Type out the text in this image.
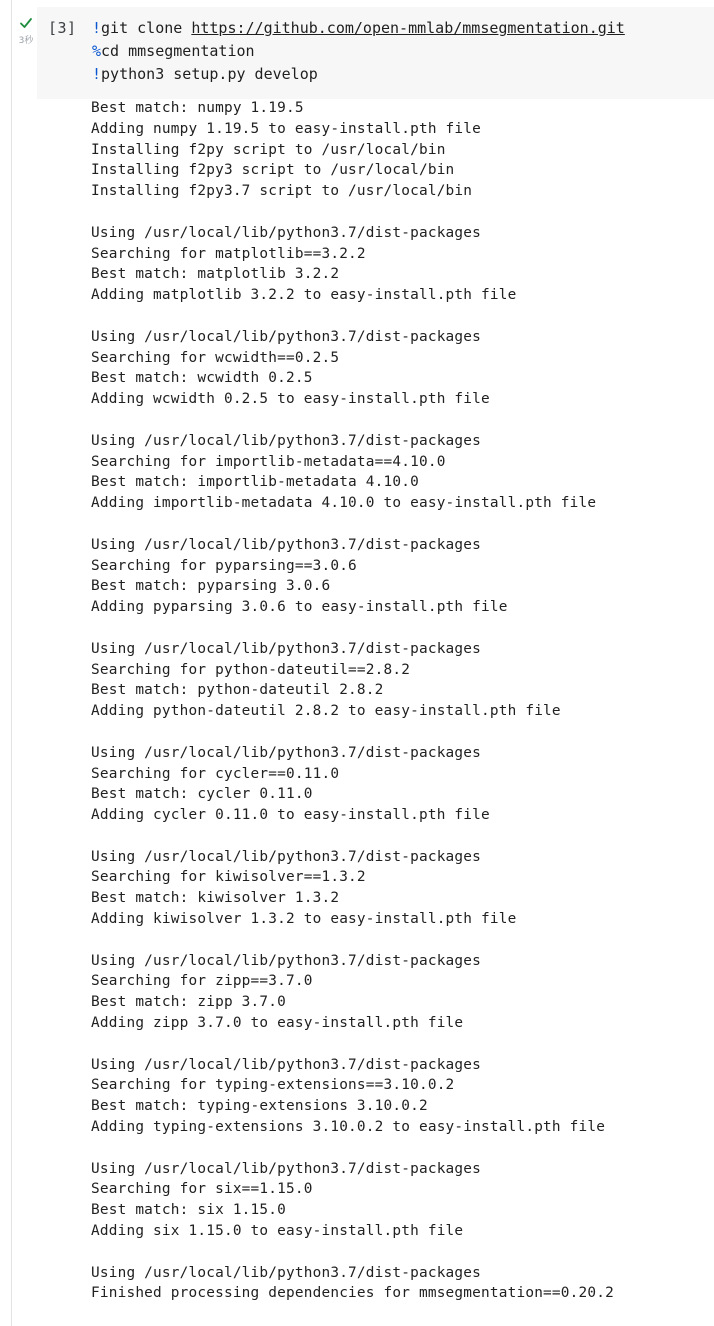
3秒
[3] !git clone https://github.com/open-mmlab/mmsegmentation.git
%cd mmsegmentation
!python3 setup.py develop
Best match: numpy 1.19.5
Adding numpy 1.19.5 to easy-install.pth file
Installing f2py script to /usr/local/bin
Installing f2py3 script to /usr/local/bin
Installing f2py3.7 script to /usr/local/bin
Using /usr/local/lib/python3.7/dist-packages
Searching for matplotlib==3.2.2
Best match: matplotlib 3.2.2
Adding matplotlib 3.2.2 to easy-install.pth file
Using /usr/local/lib/python3.7/dist-packages
Searching for wcwidth==0.2.5
Best match: wcwidth 0.2.5
Adding wcwidth 0.2.5 to easy-install.pth file
Using /usr/local/lib/python3.7/dist-packages
Searching for importlib-metadata==4.10.0
Best match: importlib-metadata 4.10.0
Adding importlib-metadata 4.10.0 to easy-install.pth file
Using /usr/local/lib/python3.7/dist-packages
Searching for pyparsing==3.0.6
Best match: pyparsing 3.0.6
Adding pyparsing 3.0.6 to easy-install.pth file
Using /usr/local/lib/python3.7/dist-packages
Searching for python-dateutil==2.8.2
Best match: python-dateutil 2.8.2
Adding python-dateutil 2.8.2 to easy-install.pth file
Using /usr/local/lib/python3.7/dist-packages
Searching for cycler==0.11.0
Best match: cycler 0.11.0
Adding cycler 0.11.0 to easy-install.pth file
Using /usr/local/lib/python3.7/dist-packages
Searching for kiwisolver==1.3.2
Best match: kiwisolver 1.3.2
Adding kiwisolver 1.3.2 to easy-install.pth file
Using /usr/local/lib/python3.7/dist-packages
Searching for zipp==3.7.0
Best match: zipp 3.7.0
Adding zipp 3.7.0 to easy-install.pth file
Using /usr/local/lib/python3.7/dist-packages
Searching for typing-extensions==3.10.0.2
Best match: typing-extensions 3.10.0.2
Adding typing-extensions 3.10.0.2 to easy-install.pth file
Using /usr/local/lib/python3.7/dist-packages
Searching for six==1.15.0
Best match: six 1.15.0
Adding six 1.15.0 to easy-install.pth file
Using /usr/local/lib/python3.7/dist-packages
Finished processing dependencies for mmsegmentation==0.20.2
